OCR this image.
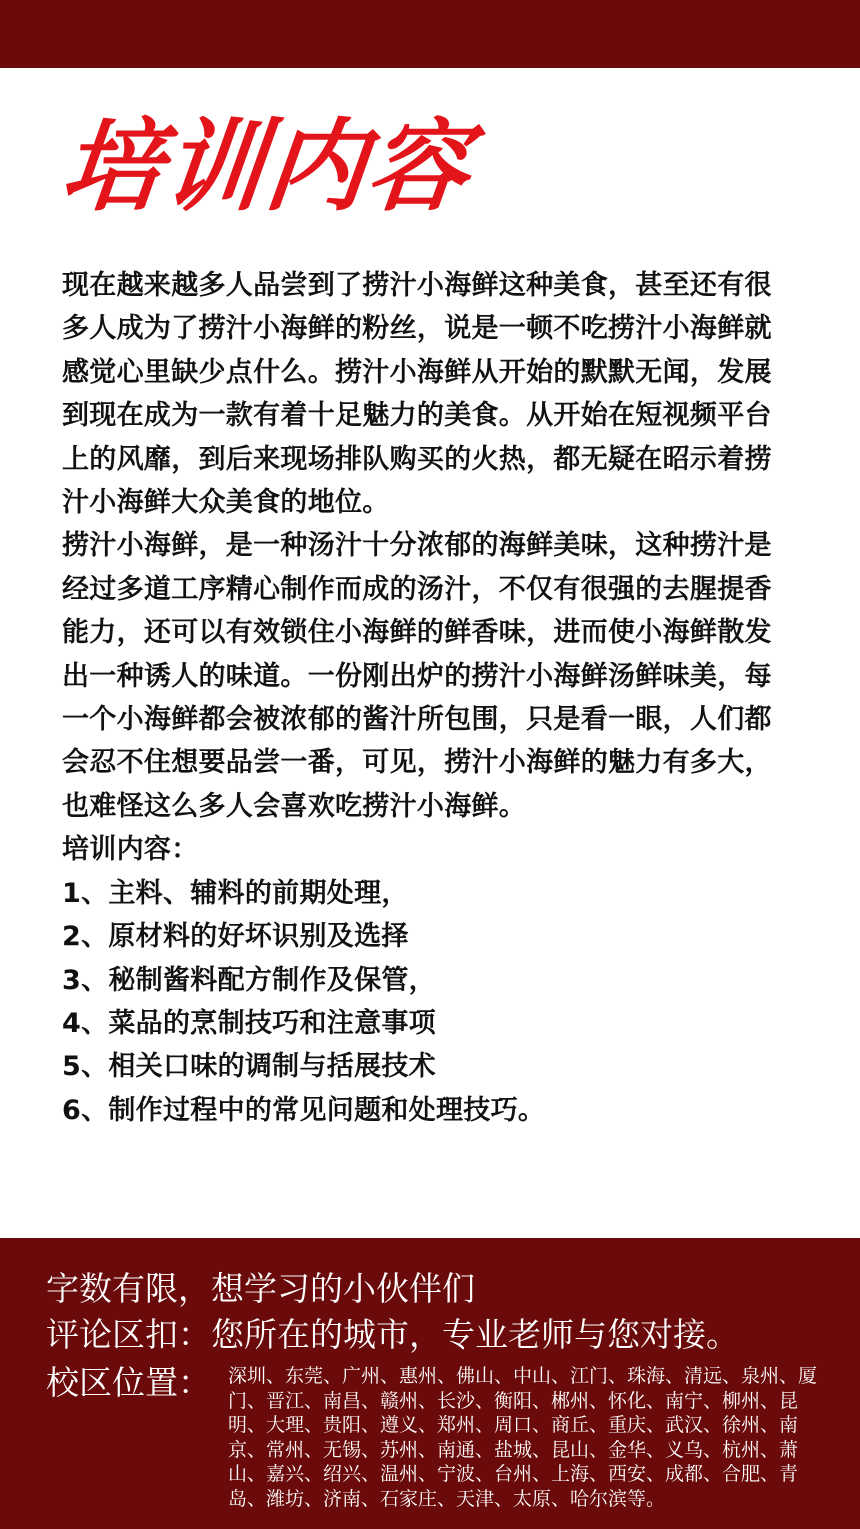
培训内容

现在越来越多人品尝到了捞汁小海鲜这种美食，甚至还有很多人成为了捞汁小海鲜的粉丝，说是一顿不吃捞汁小海鲜就感觉心里缺少点什么。捞汁小海鲜从开始的默默无闻，发展到现在成为一款有着十足魅力的美食。从开始在短视频平台上的风靡，到后来现场排队购买的火热，都无疑在昭示着捞汁小海鲜大众美食的地位。

捞汁小海鲜，是一种汤汁十分浓郁的海鲜美味，这种捞汁是经过多道工序精心制作而成的汤汁，不仅有很强的去腥提香能力，还可以有效锁住小海鲜的鲜香味，进而使小海鲜散发出一种诱人的味道。一份刚出炉的捞汁小海鲜汤鲜味美，每一个小海鲜都会被浓郁的酱汁所包围，只是看一眼，人们都会忍不住想要品尝一番，可见，捞汁小海鲜的魅力有多大，也难怪这么多人会喜欢吃捞汁小海鲜。

培训内容：

1、主料、辅料的前期处理，
2、原材料的好坏识别及选择
3、秘制酱料配方制作及保管，
4、菜品的烹制技巧和注意事项
5、相关口味的调制与括展技术
6、制作过程中的常见问题和处理技巧。
字数有限，想学习的小伙伴们
评论区扣：您所在的城市，专业老师与您对接。
校区位置： 深圳、东莞、广州、惠州、佛山、中山、江门、珠海、清远、泉州、厦门、晋江、南昌、赣州、长沙、衡阳、郴州、怀化、南宁、柳州、昆明、大理、贵阳、遵义、郑州、周口、商丘、重庆、武汉、徐州、南京、常州、无锡、苏州、南通、盐城、昆山、金华、义乌、杭州、萧山、嘉兴、绍兴、温州、宁波、台州、上海、西安、成都、合肥、青岛、潍坊、济南、石家庄、天津、太原、哈尔滨等。
